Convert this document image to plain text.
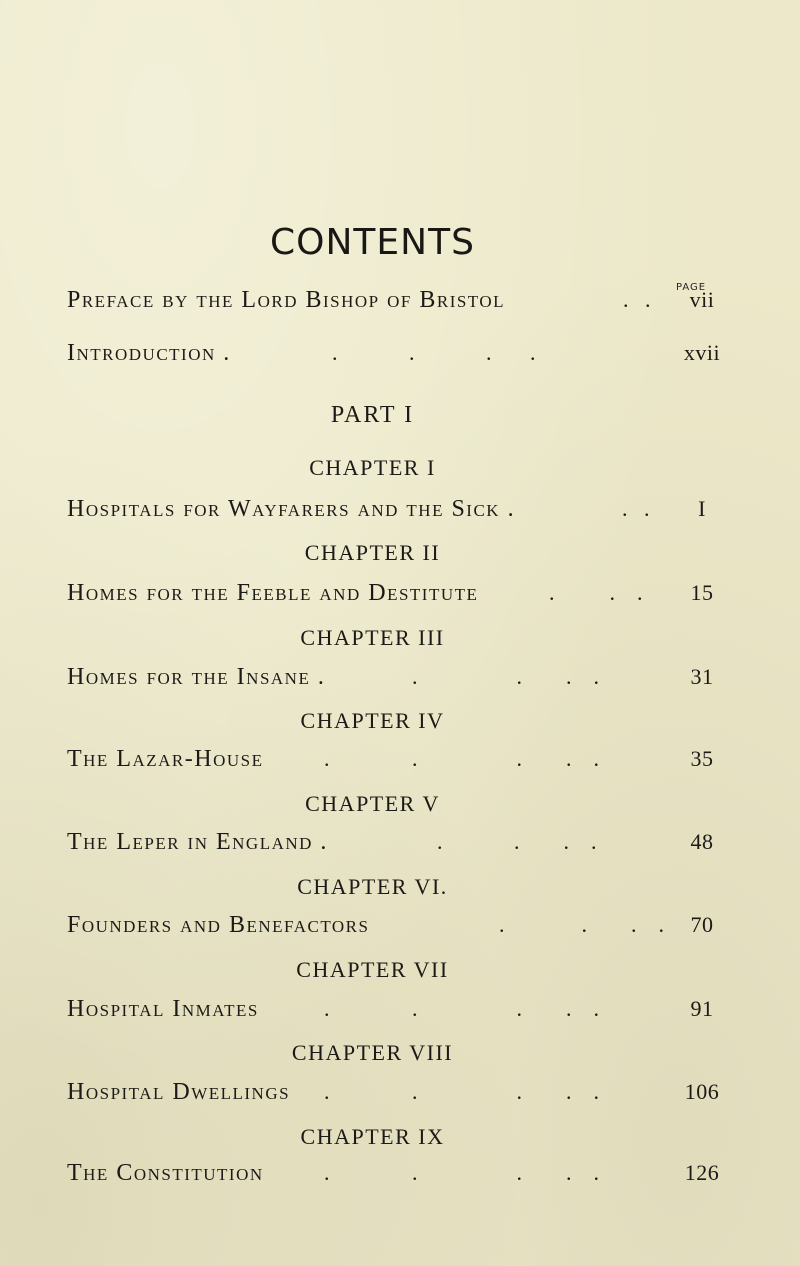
CONTENTS
PAGE
Preface by the Lord Bishop of Bristol	.   .	vii
Introduction .	.             .             .       .	xvii
PART I
CHAPTER I
Hospitals for Wayfarers and the Sick .	.   .	I
CHAPTER II
Homes for the Feeble and Destitute	.          .    .	15
CHAPTER III
Homes for the Insane .	.                  .        .    .	31
CHAPTER IV
The Lazar-House	.               .                  .        .    .	35
CHAPTER V
The Leper in England .	.             .        .    .	48
CHAPTER VI.
Founders and Benefactors	.              .        .    .	70
CHAPTER VII
Hospital Inmates	.               .                  .        .    .	91
CHAPTER VIII
Hospital Dwellings .               .                  .        .    .	106
CHAPTER IX
The Constitution	.               .                  .        .    .	126
